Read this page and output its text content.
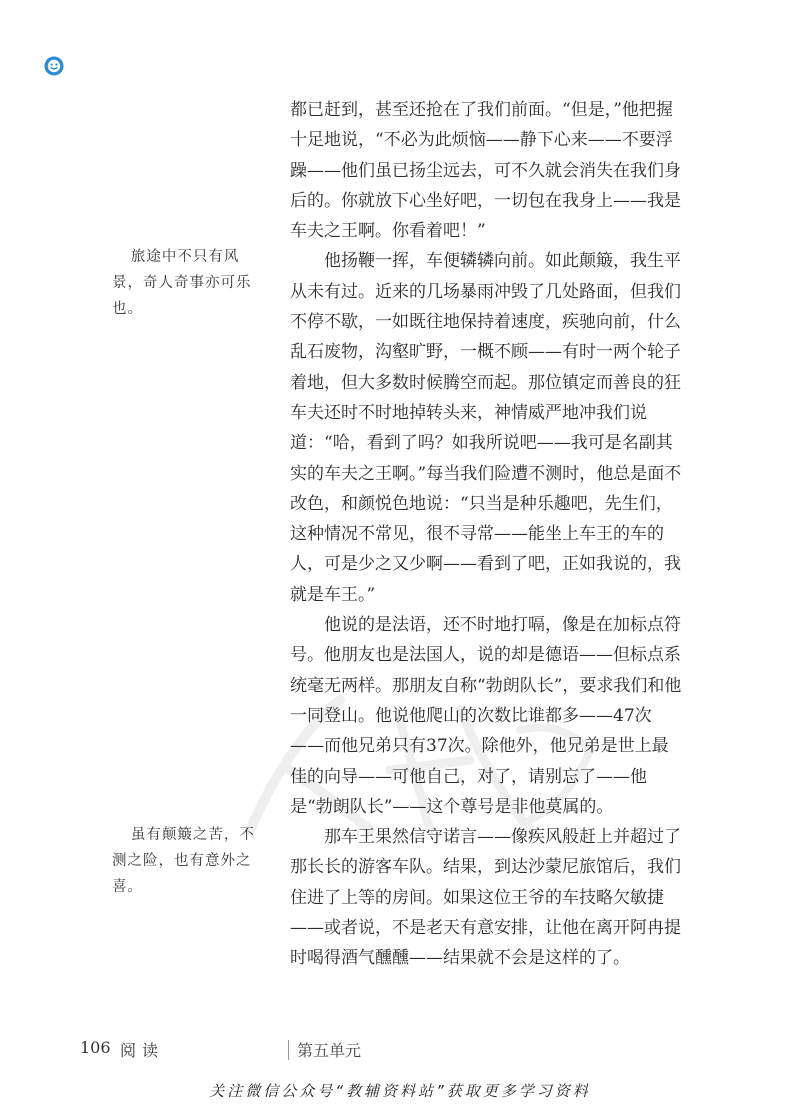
旅途中不只有风
景，奇人奇事亦可乐也。
虽有颠簸之苦，不
测之险，也有意外之喜。

都已赶到，甚至还抢在了我们前面。“但是，”他把握十足地说，“不必为此烦恼——静下心来——不要浮躁——他们虽已扬尘远去，可不久就会消失在我们身后的。你就放下心坐好吧，一切包在我身上——我是车夫之王啊。你看着吧！”

他扬鞭一挥，车便辚辚向前。如此颠簸，我生平从未有过。近来的几场暴雨冲毁了几处路面，但我们不停不歇，一如既往地保持着速度，疾驰向前，什么乱石废物，沟壑旷野，一概不顾——有时一两个轮子着地，但大多数时候腾空而起。那位镇定而善良的狂车夫还时不时地掉转头来，神情威严地冲我们说道：“哈，看到了吗？如我所说吧——我可是名副其实的车夫之王啊。”每当我们险遭不测时，他总是面不改色，和颜悦色地说：“只当是种乐趣吧，先生们，这种情况不常见，很不寻常——能坐上车王的车的人，可是少之又少啊——看到了吧，正如我说的，我就是车王。”

他说的是法语，还不时地打嗝，像是在加标点符号。他朋友也是法国人，说的却是德语——但标点系统毫无两样。那朋友自称“勃朗队长”，要求我们和他一同登山。他说他爬山的次数比谁都多——47次——而他兄弟只有37次。除他外，他兄弟是世上最佳的向导——可他自己，对了，请别忘了——他是“勃朗队长”——这个尊号是非他莫属的。

那车王果然信守诺言——像疾风般赶上并超过了那长长的游客车队。结果，到达沙蒙尼旅馆后，我们住进了上等的房间。如果这位王爷的车技略欠敏捷——或者说，不是老天有意安排，让他在离开阿冉提时喝得酒气醺醺——结果就不会是这样的了。

106 阅读	第五单元
关注微信公众号“教辅资料站”获取更多学习资料
